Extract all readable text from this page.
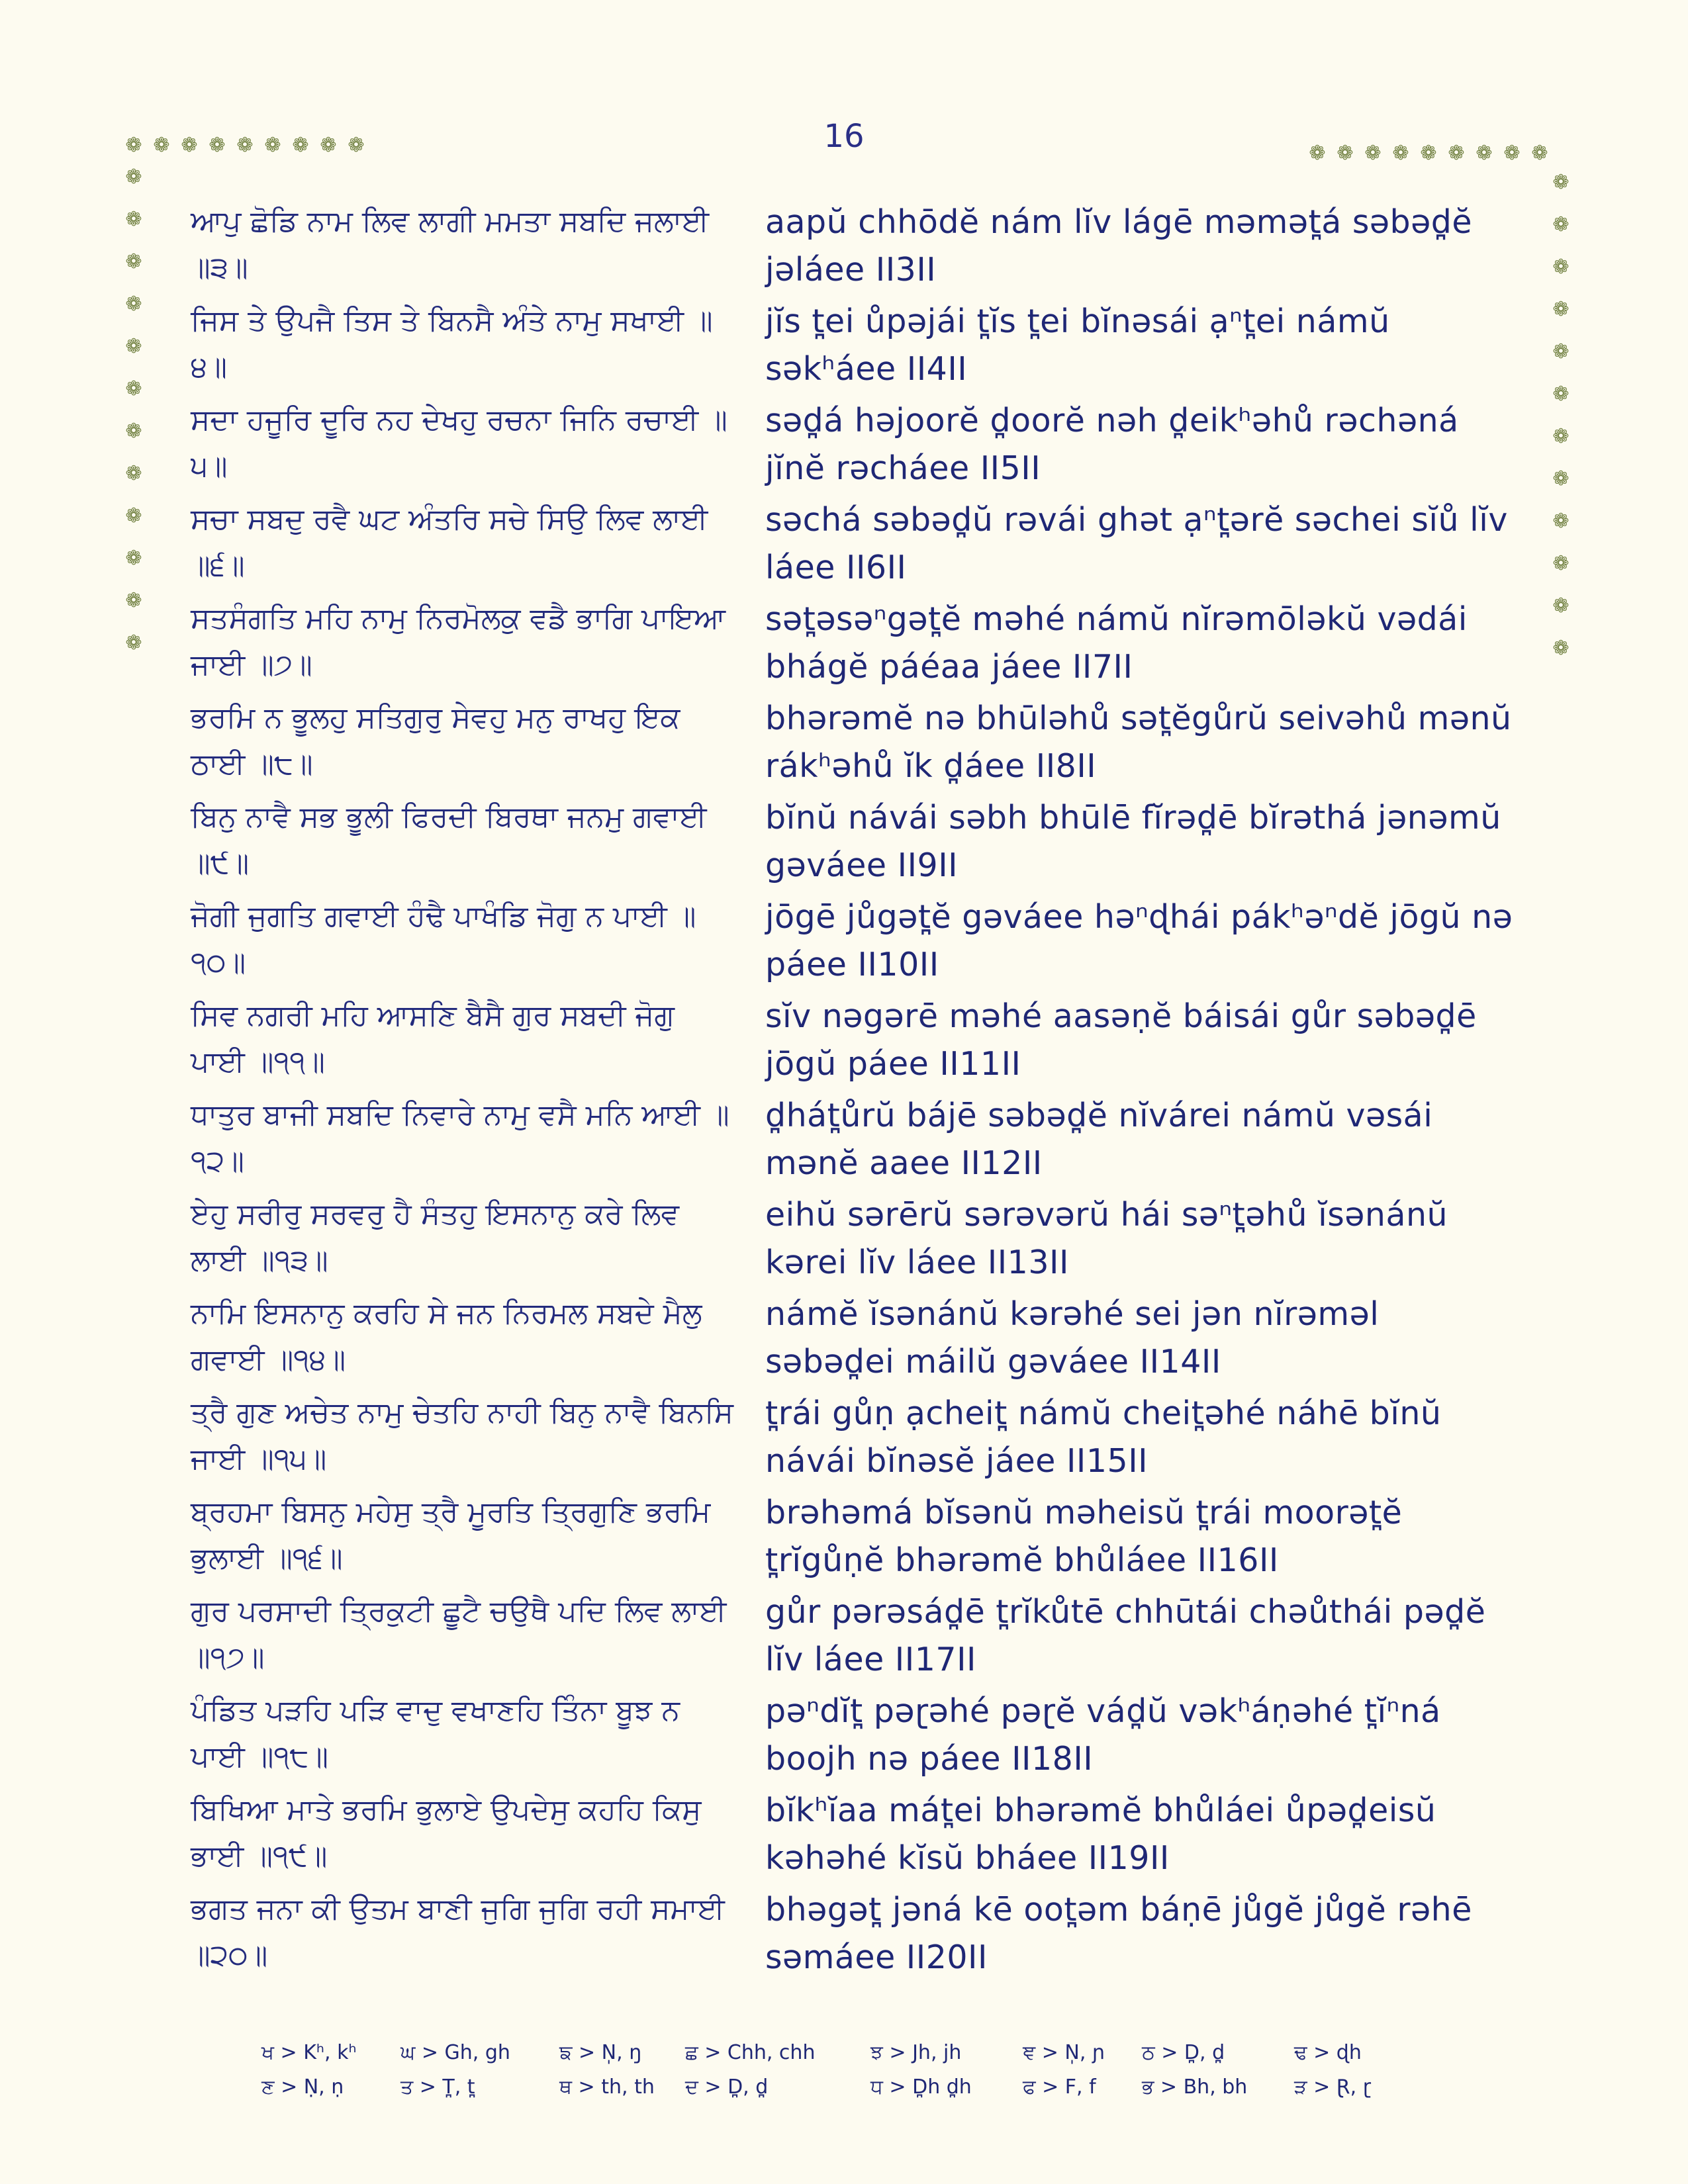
16
❁ ❁ ❁ ❁ ❁ ❁ ❁ ❁ ❁	❁ ❁ ❁ ❁ ❁ ❁ ❁ ❁ ❁
❁
❁
❁
❁
❁
❁
❁
❁
❁
❁
❁
❁
❁
❁
❁
❁
❁
❁
❁
❁
❁
❁
❁
❁
ਆਪੁ ਛੋਡਿ ਨਾਮ ਲਿਵ ਲਾਗੀ ਮਮਤਾ ਸਬਦਿ ਜਲਾਈ ॥੩॥
aapŭ chhōdĕ nám lĭv lágē məmət̪á səbəd̪ĕ jəláee II3II
ਜਿਸ ਤੇ ਉਪਜੈ ਤਿਸ ਤੇ ਬਿਨਸੈ ਅੰਤੇ ਨਾਮੁ ਸਖਾਈ ॥੪॥
jĭs t̪ei ůpəjái t̪ĭs t̪ei bĭnəsái ạⁿt̪ei námŭ səkʰáee II4II
ਸਦਾ ਹਜੂਰਿ ਦੂਰਿ ਨਹ ਦੇਖਹੁ ਰਚਨਾ ਜਿਨਿ ਰਚਾਈ ॥੫॥
səd̪á həjoorĕ d̪oorĕ nəh d̪eikʰəhů rəchəná jĭnĕ rəcháee II5II
ਸਚਾ ਸਬਦੁ ਰਵੈ ਘਟ ਅੰਤਰਿ ਸਚੇ ਸਿਉ ਲਿਵ ਲਾਈ ॥੬॥
səchá səbəd̪ŭ rəvái ghət ạⁿt̪ərĕ səchei sĭů lĭv láee II6II
ਸਤਸੰਗਤਿ ਮਹਿ ਨਾਮੁ ਨਿਰਮੋਲਕੁ ਵਡੈ ਭਾਗਿ ਪਾਇਆ ਜਾਈ ॥੭॥
sət̪əsəⁿgət̪ĕ məhé námŭ nĭrəmōləkŭ vədái bhágĕ páéaa jáee II7II
ਭਰਮਿ ਨ ਭੂਲਹੁ ਸਤਿਗੁਰੁ ਸੇਵਹੁ ਮਨੁ ਰਾਖਹੁ ਇਕ ਠਾਈ ॥੮॥
bhərəmĕ nə bhūləhů sət̪ĕgůrŭ seivəhů mənŭ rákʰəhů ĭk d̪áee II8II
ਬਿਨੁ ਨਾਵੈ ਸਭ ਭੂਲੀ ਫਿਰਦੀ ਬਿਰਥਾ ਜਨਮੁ ਗਵਾਈ ॥੯॥
bĭnŭ návái səbh bhūlē fĭrəd̪ē bĭrəthá jənəmŭ gəváee II9II
ਜੋਗੀ ਜੁਗਤਿ ਗਵਾਈ ਹੰਢੈ ਪਾਖੰਡਿ ਜੋਗੁ ਨ ਪਾਈ ॥੧੦॥
jōgē jůgət̪ĕ gəváee həⁿɖhái pákʰəⁿdĕ jōgŭ nə páee II10II
ਸਿਵ ਨਗਰੀ ਮਹਿ ਆਸਣਿ ਬੈਸੈ ਗੁਰ ਸਬਦੀ ਜੋਗੁ ਪਾਈ ॥੧੧॥
sĭv nəgərē məhé aasəṇĕ báisái gůr səbəd̪ē jōgŭ páee II11II
ਧਾਤੁਰ ਬਾਜੀ ਸਬਦਿ ਨਿਵਾਰੇ ਨਾਮੁ ਵਸੈ ਮਨਿ ਆਈ ॥੧੨॥
d̪hát̪ůrŭ bájē səbəd̪ĕ nĭvárei námŭ vəsái mənĕ aaee II12II
ਏਹੁ ਸਰੀਰੁ ਸਰਵਰੁ ਹੈ ਸੰਤਹੁ ਇਸਨਾਨੁ ਕਰੇ ਲਿਵ ਲਾਈ ॥੧੩॥
eihŭ sərērŭ sərəvərŭ hái səⁿt̪əhů ĭsənánŭ kərei lĭv láee II13II
ਨਾਮਿ ਇਸਨਾਨੁ ਕਰਹਿ ਸੇ ਜਨ ਨਿਰਮਲ ਸਬਦੇ ਮੈਲੁ ਗਵਾਈ ॥੧੪॥
námĕ ĭsənánŭ kərəhé sei jən nĭrəməl səbəd̪ei máilŭ gəváee II14II
ਤ੍ਰੈ ਗੁਣ ਅਚੇਤ ਨਾਮੁ ਚੇਤਹਿ ਨਾਹੀ ਬਿਨੁ ਨਾਵੈ ਬਿਨਸਿ ਜਾਈ ॥੧੫॥
t̪rái gůṇ ạcheit̪ námŭ cheit̪əhé náhē bĭnŭ návái bĭnəsĕ jáee II15II
ਬ੍ਰਹਮਾ ਬਿਸਨੁ ਮਹੇਸੁ ਤ੍ਰੈ ਮੂਰਤਿ ਤ੍ਰਿਗੁਣਿ ਭਰਮਿ ਭੁਲਾਈ ॥੧੬॥
brəhəmá bĭsənŭ məheisŭ t̪rái moorət̪ĕ t̪rĭgůṇĕ bhərəmĕ bhůláee II16II
ਗੁਰ ਪਰਸਾਦੀ ਤ੍ਰਿਕੁਟੀ ਛੂਟੈ ਚਉਥੈ ਪਦਿ ਲਿਵ ਲਾਈ ॥੧੭॥
gůr pərəsád̪ē t̪rĭkůtē chhūtái chəůthái pəd̪ĕ lĭv láee II17II
ਪੰਡਿਤ ਪੜਹਿ ਪੜਿ ਵਾਦੁ ਵਖਾਣਹਿ ਤਿੰਨਾ ਬੂਝ ਨ ਪਾਈ ॥੧੮॥
pəⁿdĭt̪ pəɽəhé pəɽĕ vád̪ŭ vəkʰáṇəhé t̪ĭⁿná boojh nə páee II18II
ਬਿਖਿਆ ਮਾਤੇ ਭਰਮਿ ਭੁਲਾਏ ਉਪਦੇਸੁ ਕਹਹਿ ਕਿਸੁ ਭਾਈ ॥੧੯॥
bĭkʰĭaa mát̪ei bhərəmĕ bhůláei ůpəd̪eisŭ kəhəhé kĭsŭ bháee II19II
ਭਗਤ ਜਨਾ ਕੀ ਉਤਮ ਬਾਣੀ ਜੁਗਿ ਜੁਗਿ ਰਹੀ ਸਮਾਈ ॥੨੦॥
bhəgət̪ jəná kē oot̪əm báṇē jůgĕ jůgĕ rəhē səmáee II20II
ਖ > Kʰ, kʰ ਘ > Gh, gh ਙ > N̩, ŋ ਛ > Chh, chh	ਝ > Jh, jh	ਞ > N̩, ɲ ਠ > D̪, d̪	ਢ > ɖh
ਣ > Ṇ, ṇ	ਤ > T̪, t̪	ਥ > th, th ਦ > D̪, d̪	ਧ > D̪h d̪h	ਫ > F, f ਭ > Bh, bh ੜ > Ɽ, ɽ
